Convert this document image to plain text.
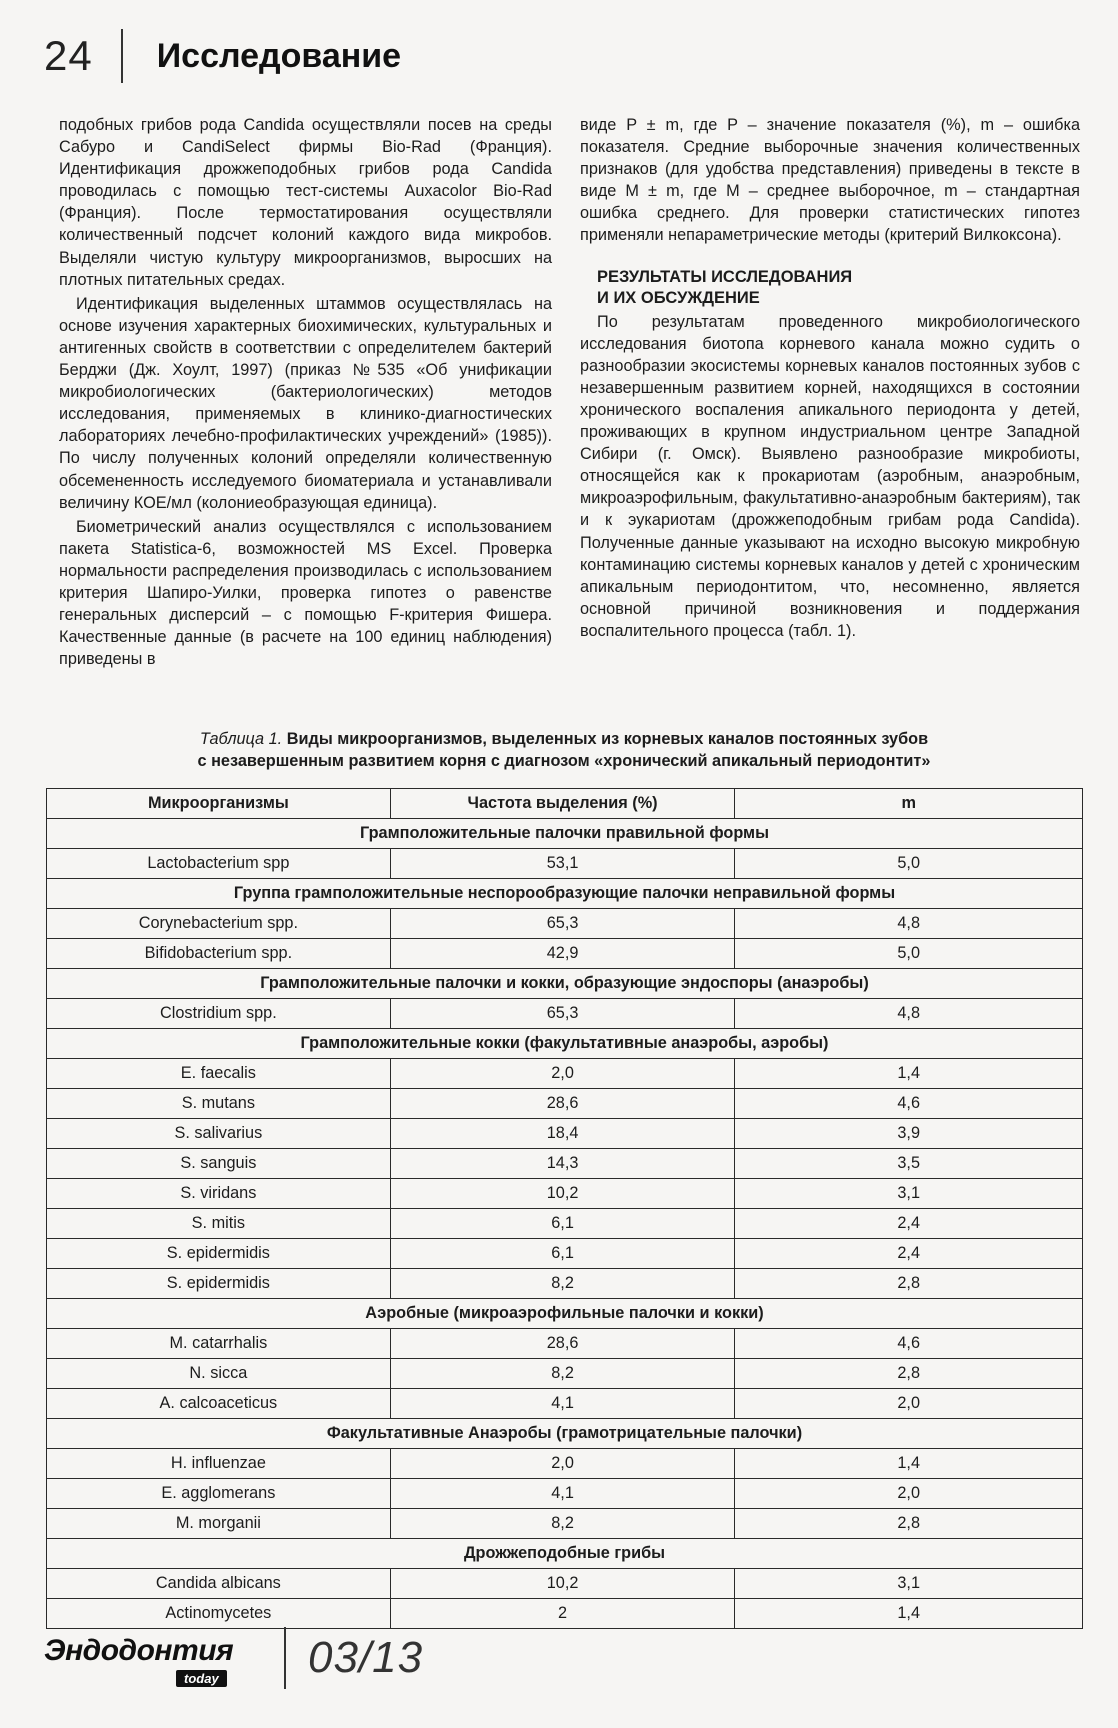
24 Исследование

подобных грибов рода Candida осуществляли посев на среды Сабуро и CandiSelect фирмы Bio-Rad (Франция). Идентификация дрожжеподобных грибов рода Candida проводилась с помощью тест-системы Auxacolor Bio-Rad (Франция). После термостатирования осуществляли количественный подсчет колоний каждого вида микробов. Выделяли чистую культуру микроорганизмов, выросших на плотных питательных средах.

Идентификация выделенных штаммов осуществлялась на основе изучения характерных биохимических, культуральных и антигенных свойств в соответствии с определителем бактерий Берджи (Дж. Хоулт, 1997) (приказ №535 «Об унификации микробиологических (бактериологических) методов исследования, применяемых в клинико-диагностических лабораториях лечебно-профилактических учреждений» (1985)). По числу полученных колоний определяли количественную обсемененность исследуемого биоматериала и устанавливали величину КОЕ/мл (колониеобразующая единица).

Биометрический анализ осуществлялся с использованием пакета Statistica-6, возможностей MS Excel. Проверка нормальности распределения производилась с использованием критерия Шапиро-Уилки, проверка гипотез о равенстве генеральных дисперсий – с помощью F-критерия Фишера. Качественные данные (в расчете на 100 единиц наблюдения) приведены в

виде P ± m, где P – значение показателя (%), m – ошибка показателя. Средние выборочные значения количественных признаков (для удобства представления) приведены в тексте в виде M ± m, где M – среднее выборочное, m – стандартная ошибка среднего. Для проверки статистических гипотез применяли непараметрические методы (критерий Вилкоксона).

РЕЗУЛЬТАТЫ ИССЛЕДОВАНИЯ
И ИХ ОБСУЖДЕНИЕ

По результатам проведенного микробиологического исследования биотопа корневого канала можно судить о разнообразии экосистемы корневых каналов постоянных зубов с незавершенным развитием корней, находящихся в состоянии хронического воспаления апикального периодонта у детей, проживающих в крупном индустриальном центре Западной Сибири (г. Омск). Выявлено разнообразие микробиоты, относящейся как к прокариотам (аэробным, анаэробным, микроаэрофильным, факультативно-анаэробным бактериям), так и к эукариотам (дрожжеподобным грибам рода Candida). Полученные данные указывают на исходно высокую микробную контаминацию системы корневых каналов у детей с хроническим апикальным периодонтитом, что, несомненно, является основной причиной возникновения и поддержания воспалительного процесса (табл. 1).

Таблица 1. Виды микроорганизмов, выделенных из корневых каналов постоянных зубов
с незавершенным развитием корня с диагнозом «хронический апикальный периодонтит»
Микроорганизмы	Частота выделения (%)	m
Грамположительные палочки правильной формы		
Lactobacterium spp	53,1	5,0
Группа грамположительные неспорообразующие палочки неправильной формы		
Corynebacterium spp.	65,3	4,8
Bifidobacterium spp.	42,9	5,0
Грамположительные палочки и кокки, образующие эндоспоры (анаэробы)		
Clostridium spp.	65,3	4,8
Грамположительные кокки (факультативные анаэробы, аэробы)		
E. faecalis	2,0	1,4
S. mutans	28,6	4,6
S. salivarius	18,4	3,9
S. sanguis	14,3	3,5
S. viridans	10,2	3,1
S. mitis	6,1	2,4
S. epidermidis	6,1	2,4
S. epidermidis	8,2	2,8
Аэробные (микроаэрофильные палочки и кокки)		
M. catarrhalis	28,6	4,6
N. sicca	8,2	2,8
A. calcoaceticus	4,1	2,0
Факультативные Анаэробы (грамотрицательные палочки)		
H. influenzae	2,0	1,4
E. agglomerans	4,1	2,0
M. morganii	8,2	2,8
Дрожжеподобные грибы		
Candida albicans	10,2	3,1
Actinomycetes	2	1,4
Эндодонтия
today 03/13
